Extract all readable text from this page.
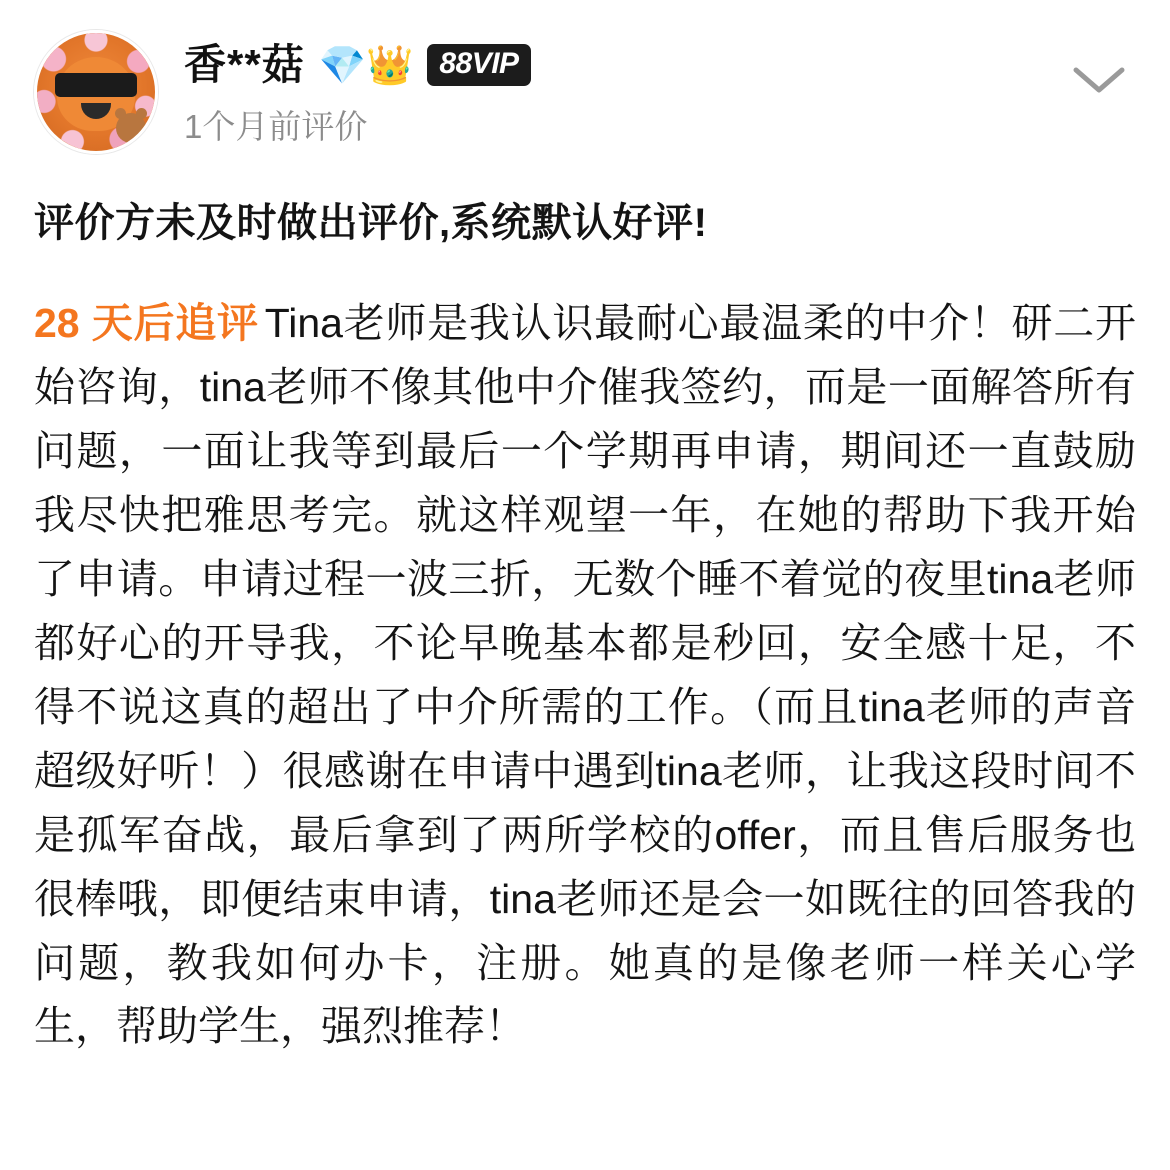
香**菇 💎👑 88VIP
1个月前评价
评价方未及时做出评价,系统默认好评!
28 天后追评 Tina老师是我认识最耐心最温柔的中介！研二开始咨询，tina老师不像其他中介催我签约，而是一面解答所有问题，一面让我等到最后一个学期再申请，期间还一直鼓励我尽快把雅思考完。就这样观望一年，在她的帮助下我开始了申请。申请过程一波三折，无数个睡不着觉的夜里tina老师都好心的开导我，不论早晚基本都是秒回，安全感十足，不得不说这真的超出了中介所需的工作。（而且tina老师的声音超级好听！）很感谢在申请中遇到tina老师，让我这段时间不是孤军奋战，最后拿到了两所学校的offer，而且售后服务也很棒哦，即便结束申请，tina老师还是会一如既往的回答我的问题，教我如何办卡，注册。她真的是像老师一样关心学生，帮助学生，强烈推荐！
